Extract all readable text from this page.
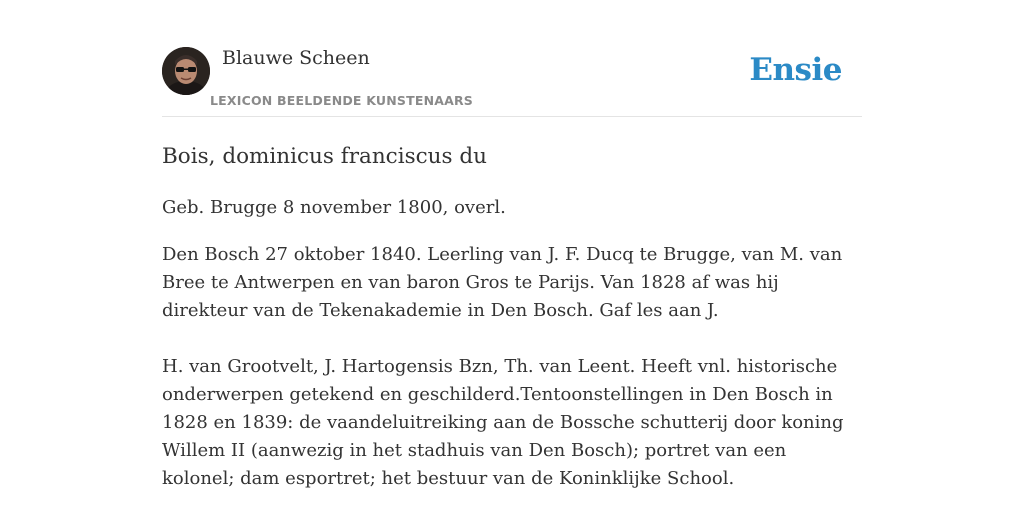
Blauwe Scheen
LEXICON BEELDENDE KUNSTENAARS
Ensie
Bois, dominicus franciscus du

Geb. Brugge 8 november 1800, overl.

Den Bosch 27 oktober 1840. Leerling van J. F. Ducq te Brugge, van M. van Bree te Antwerpen en van baron Gros te Parijs. Van 1828 af was hij direkteur van de Tekenakademie in Den Bosch. Gaf les aan J.

H. van Grootvelt, J. Hartogensis Bzn, Th. van Leent. Heeft vnl. historische onderwerpen getekend en geschilderd.Tentoonstellingen in Den Bosch in 1828 en 1839: de vaandeluitreiking aan de Bossche schutterij door koning Willem II (aanwezig in het stadhuis van Den Bosch); portret van een kolonel; dam esportret; het bestuur van de Koninklijke School.
